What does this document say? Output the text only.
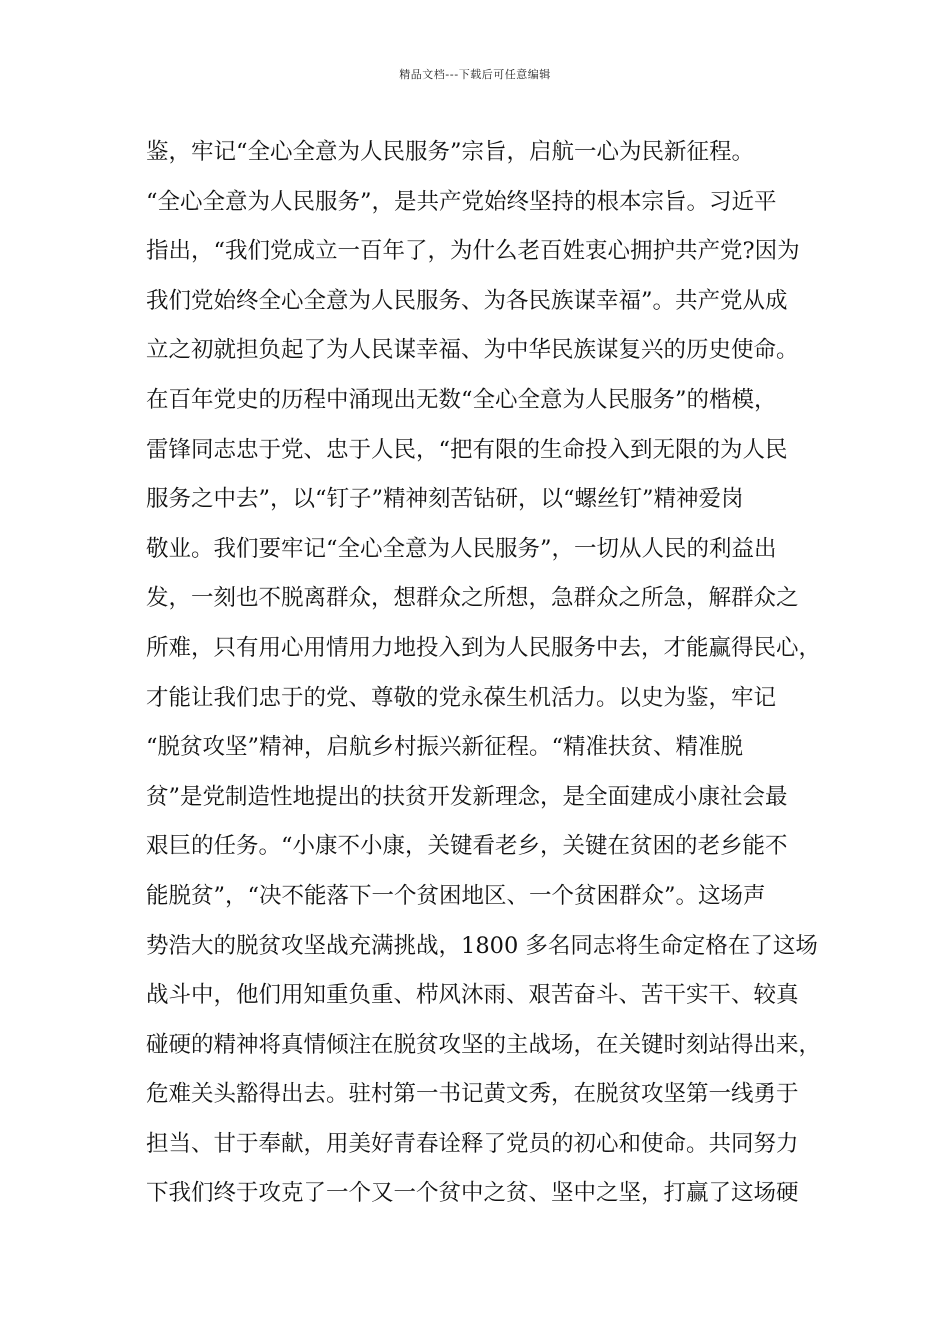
精品文档---下载后可任意编辑
鉴，牢记“全心全意为人民服务”宗旨，启航一心为民新征程。
“全心全意为人民服务”，是共产党始终坚持的根本宗旨。习近平
指出，“我们党成立一百年了，为什么老百姓衷心拥护共产党?因为
我们党始终全心全意为人民服务、为各民族谋幸福”。共产党从成
立之初就担负起了为人民谋幸福、为中华民族谋复兴的历史使命。
在百年党史的历程中涌现出无数“全心全意为人民服务”的楷模，
雷锋同志忠于党、忠于人民，“把有限的生命投入到无限的为人民
服务之中去”，以“钉子”精神刻苦钻研，以“螺丝钉”精神爱岗
敬业。我们要牢记“全心全意为人民服务”，一切从人民的利益出
发，一刻也不脱离群众，想群众之所想，急群众之所急，解群众之
所难，只有用心用情用力地投入到为人民服务中去，才能赢得民心，
才能让我们忠于的党、尊敬的党永葆生机活力。以史为鉴，牢记
“脱贫攻坚”精神，启航乡村振兴新征程。“精准扶贫、精准脱
贫”是党制造性地提出的扶贫开发新理念，是全面建成小康社会最
艰巨的任务。“小康不小康，关键看老乡，关键在贫困的老乡能不
能脱贫”，“决不能落下一个贫困地区、一个贫困群众”。这场声
势浩大的脱贫攻坚战充满挑战，1800 多名同志将生命定格在了这场
战斗中，他们用知重负重、栉风沐雨、艰苦奋斗、苦干实干、较真
碰硬的精神将真情倾注在脱贫攻坚的主战场，在关键时刻站得出来，
危难关头豁得出去。驻村第一书记黄文秀，在脱贫攻坚第一线勇于
担当、甘于奉献，用美好青春诠释了党员的初心和使命。共同努力
下我们终于攻克了一个又一个贫中之贫、坚中之坚，打赢了这场硬
